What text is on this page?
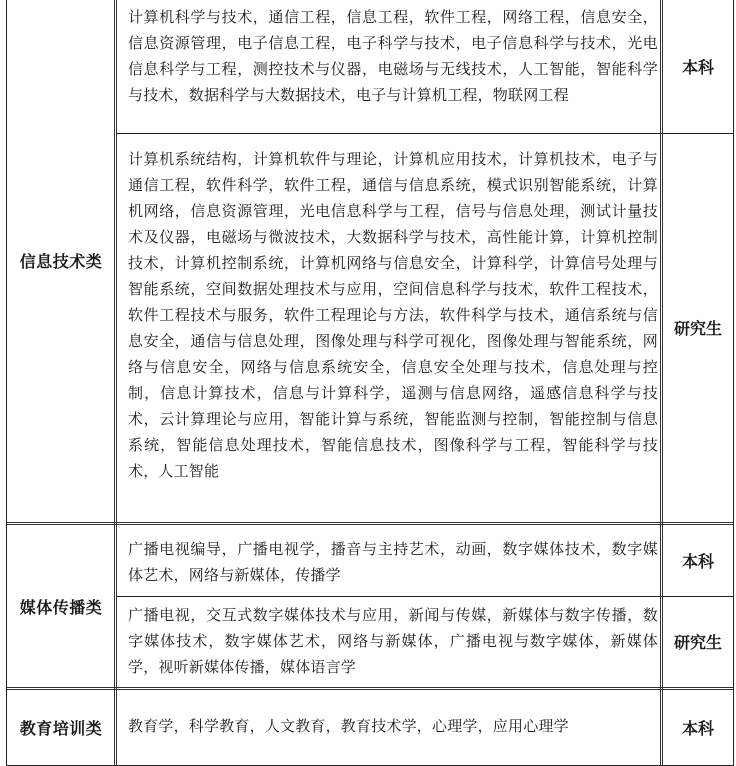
信息技术类
计算机科学与技术，通信工程，信息工程，软件工程，网络工程，信息安全，信息资源管理，电子信息工程，电子科学与技术，电子信息科学与技术，光电信息科学与工程，测控技术与仪器，电磁场与无线技术，人工智能，智能科学与技术，数据科学与大数据技术，电子与计算机工程，物联网工程
本科
计算机系统结构，计算机软件与理论，计算机应用技术，计算机技术，电子与通信工程，软件科学，软件工程，通信与信息系统，模式识别智能系统，计算机网络，信息资源管理，光电信息科学与工程，信号与信息处理，测试计量技术及仪器，电磁场与微波技术，大数据科学与技术，高性能计算，计算机控制技术，计算机控制系统，计算机网络与信息安全，计算科学，计算信号处理与智能系统，空间数据处理技术与应用，空间信息科学与技术，软件工程技术，软件工程技术与服务，软件工程理论与方法，软件科学与技术，通信系统与信息安全，通信与信息处理，图像处理与科学可视化，图像处理与智能系统，网络与信息安全，网络与信息系统安全，信息安全处理与技术，信息处理与控制，信息计算技术，信息与计算科学，遥测与信息网络，遥感信息科学与技术，云计算理论与应用，智能计算与系统，智能监测与控制，智能控制与信息系统，智能信息处理技术，智能信息技术，图像科学与工程，智能科学与技术，人工智能
研究生
媒体传播类
广播电视编导，广播电视学，播音与主持艺术，动画，数字媒体技术，数字媒体艺术，网络与新媒体，传播学
本科
广播电视，交互式数字媒体技术与应用，新闻与传媒，新媒体与数字传播，数字媒体技术，数字媒体艺术，网络与新媒体，广播电视与数字媒体，新媒体学，视听新媒体传播，媒体语言学
研究生
教育培训类	教育学，科学教育，人文教育，教育技术学，心理学，应用心理学	本科
